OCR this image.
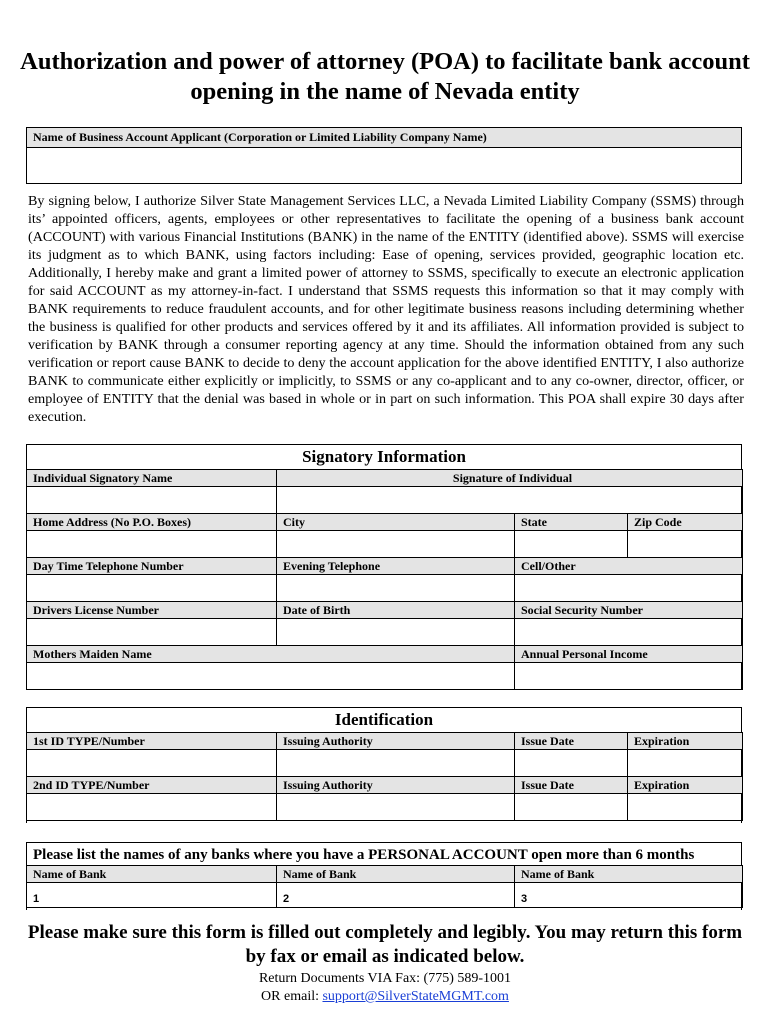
Authorization and power of attorney (POA) to facilitate bank account opening in the name of Nevada entity
Name of Business Account Applicant (Corporation or Limited Liability Company Name)

By signing below, I authorize Silver State Management Services LLC, a Nevada Limited Liability Company (SSMS) through its’ appointed officers, agents, employees or other representatives to facilitate the opening of a business bank account (ACCOUNT) with various Financial Institutions (BANK) in the name of the ENTITY (identified above). SSMS will exercise its judgment as to which BANK, using factors including: Ease of opening, services provided, geographic location etc. Additionally, I hereby make and grant a limited power of attorney to SSMS, specifically to execute an electronic application for said ACCOUNT as my attorney-in-fact. I understand that SSMS requests this information so that it may comply with BANK requirements to reduce fraudulent accounts, and for other legitimate business reasons including determining whether the business is qualified for other products and services offered by it and its affiliates. All information provided is subject to verification by BANK through a consumer reporting agency at any time. Should the information obtained from any such verification or report cause BANK to decide to deny the account application for the above identified ENTITY, I also authorize BANK to communicate either explicitly or implicitly, to SSMS or any co-applicant and to any co-owner, director, officer, or employee of ENTITY that the denial was based in whole or in part on such information. This POA shall expire 30 days after execution.

Signatory Information
Individual Signatory Name	Signature of Individual		

Home Address (No P.O. Boxes)	City	State	Zip Code

Day Time Telephone Number	Evening Telephone	Cell/Other	

Drivers License Number	Date of Birth	Social Security Number	

Mothers Maiden Name		Annual Personal Income	

Identification
1st ID TYPE/Number	Issuing Authority	Issue Date	Expiration

2nd ID TYPE/Number	Issuing Authority	Issue Date	Expiration

Please list the names of any banks where you have a PERSONAL ACCOUNT open more than 6 months
Name of Bank	Name of Bank	Name of Bank
1	2	3

Please make sure this form is filled out completely and legibly. You may return this form by fax or email as indicated below.

Return Documents VIA Fax: (775) 589-1001

OR email: support@SilverStateMGMT.com
